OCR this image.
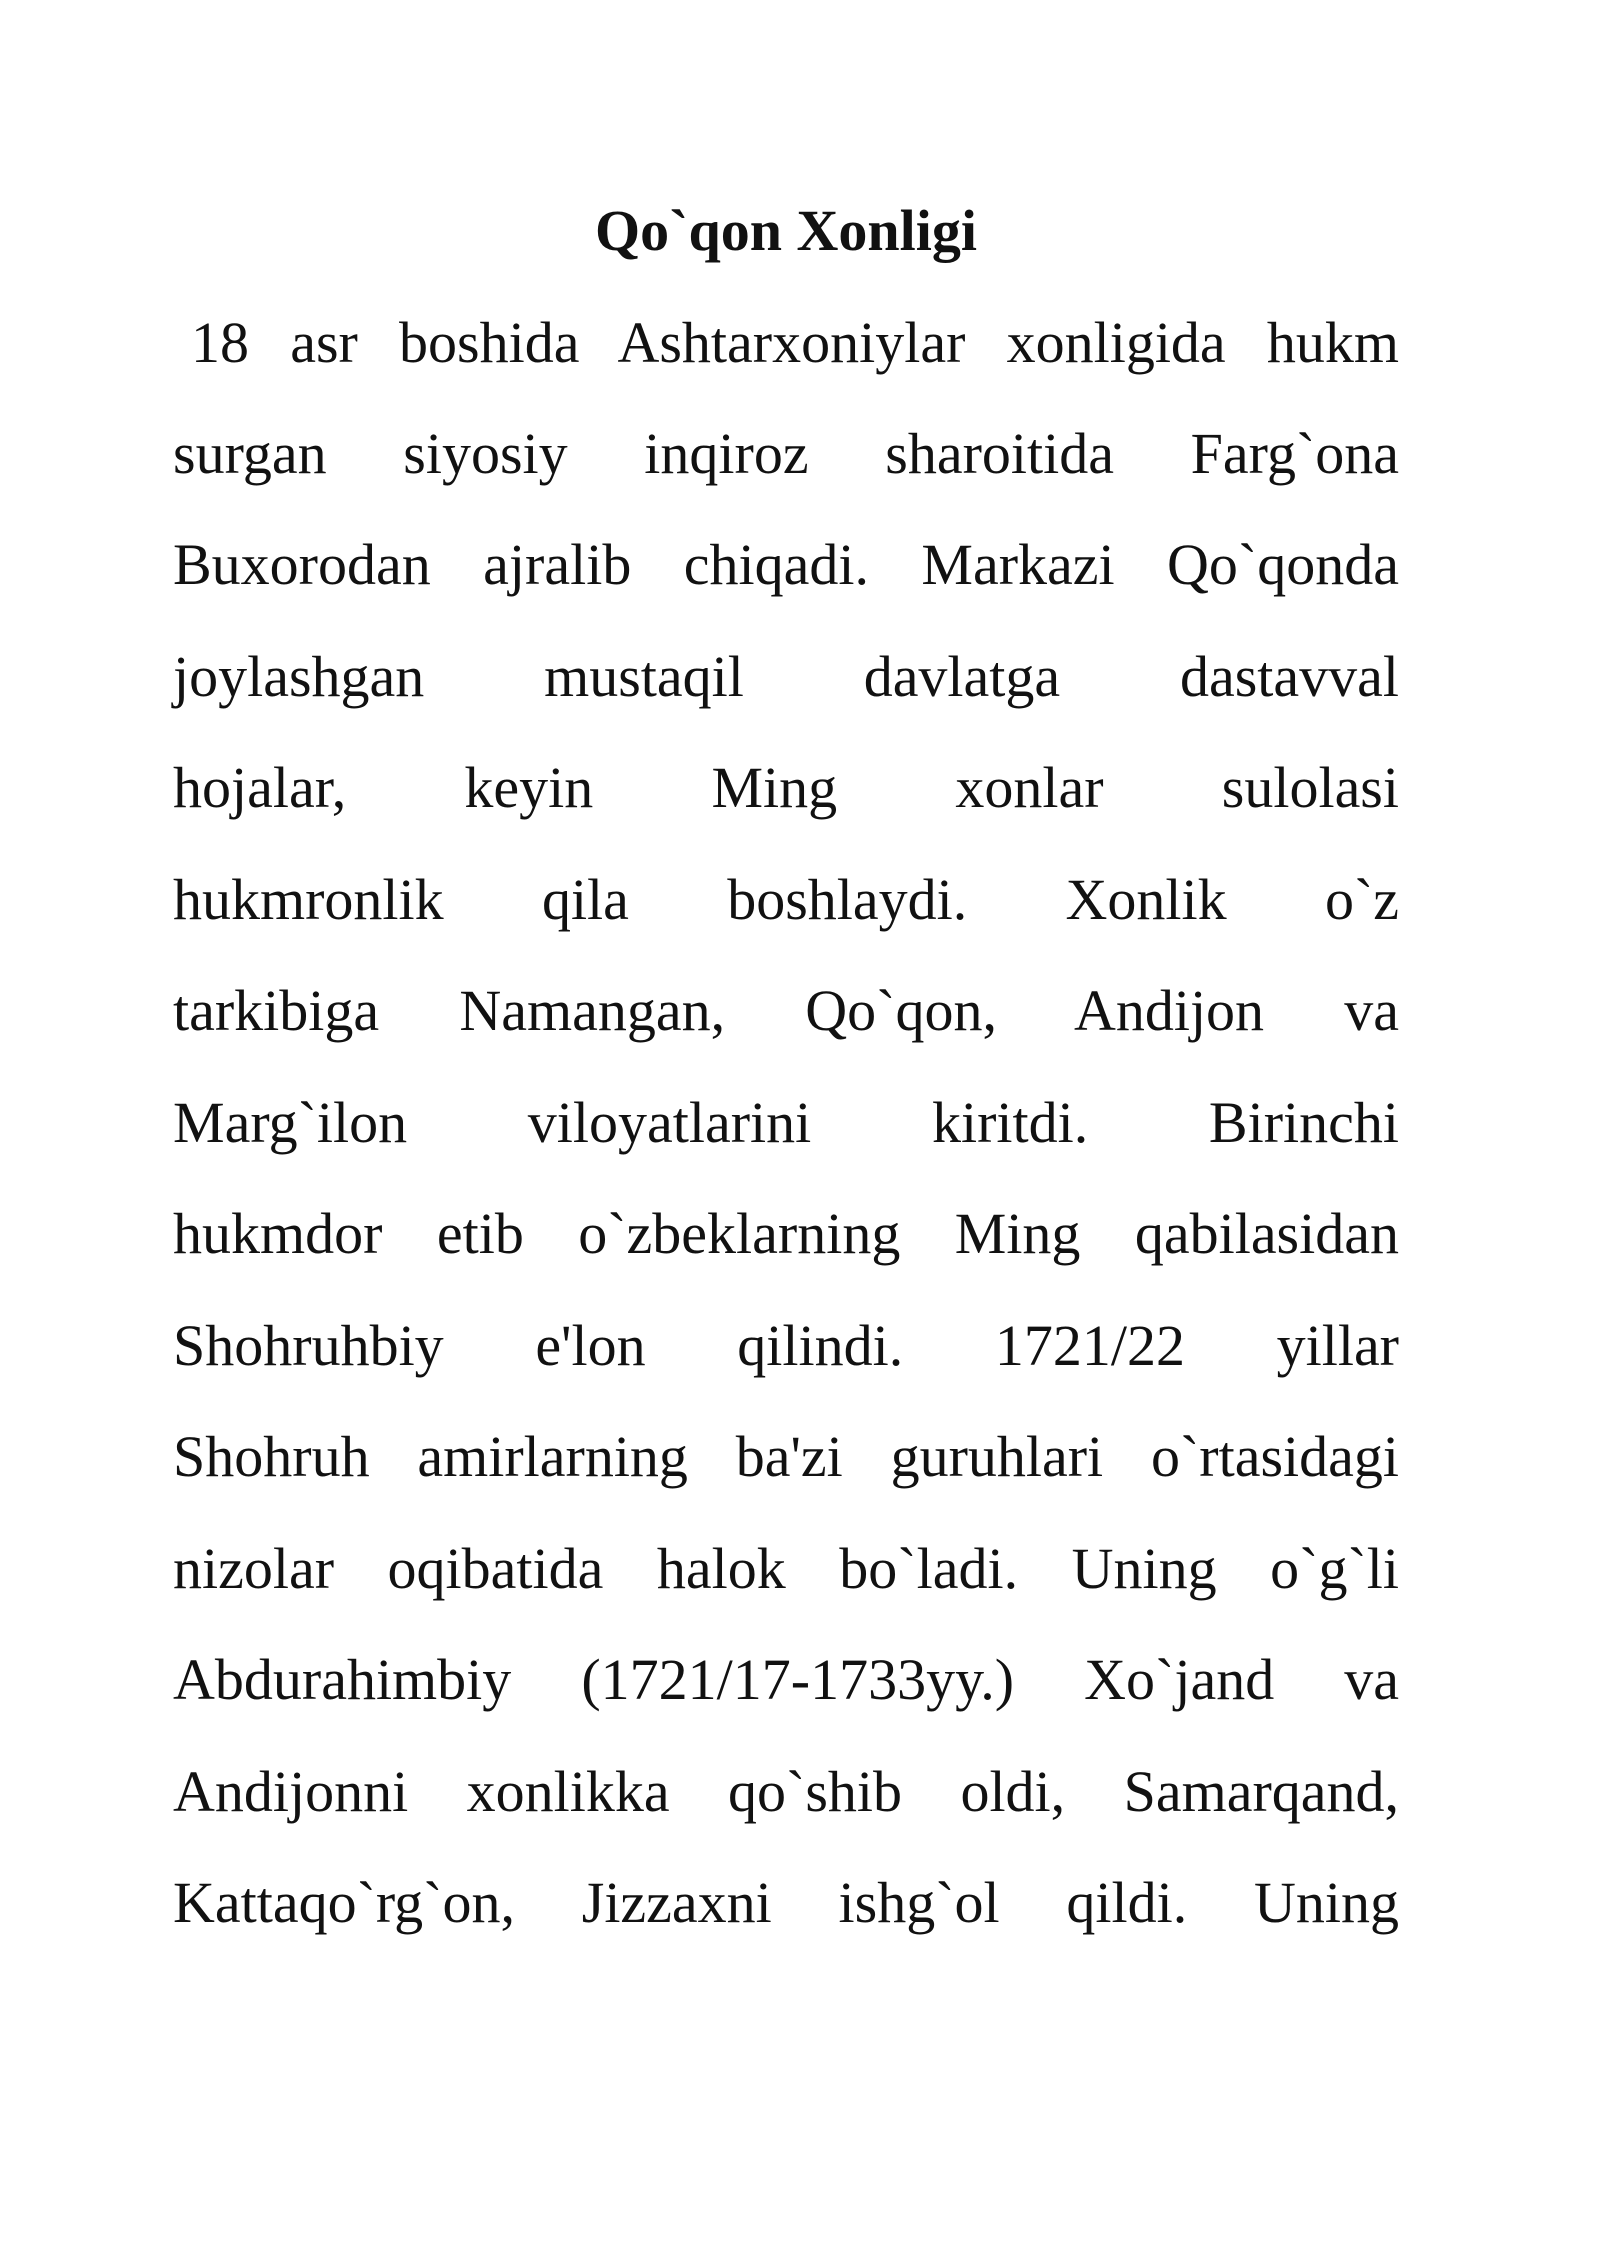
Qo`qon Xonligi
18 asr boshida Ashtarxoniylar xonligida hukm
surgan siyosiy inqiroz sharoitida Farg`ona
Buxorodan ajralib chiqadi. Markazi Qo`qonda
joylashgan mustaqil davlatga dastavval
hojalar, keyin Ming xonlar sulolasi
hukmronlik qila boshlaydi. Xonlik o`z
tarkibiga Namangan, Qo`qon, Andijon va
Marg`ilon viloyatlarini kiritdi. Birinchi
hukmdor etib o`zbeklarning Ming qabilasidan
Shohruhbiy e'lon qilindi. 1721/22 yillar
Shohruh amirlarning ba'zi guruhlari o`rtasidagi
nizolar oqibatida halok bo`ladi. Uning o`g`li
Abdurahimbiy (1721/17-1733yy.) Xo`jand va
Andijonni xonlikka qo`shib oldi, Samarqand,
Kattaqo`rg`on, Jizzaxni ishg`ol qildi. Uning
